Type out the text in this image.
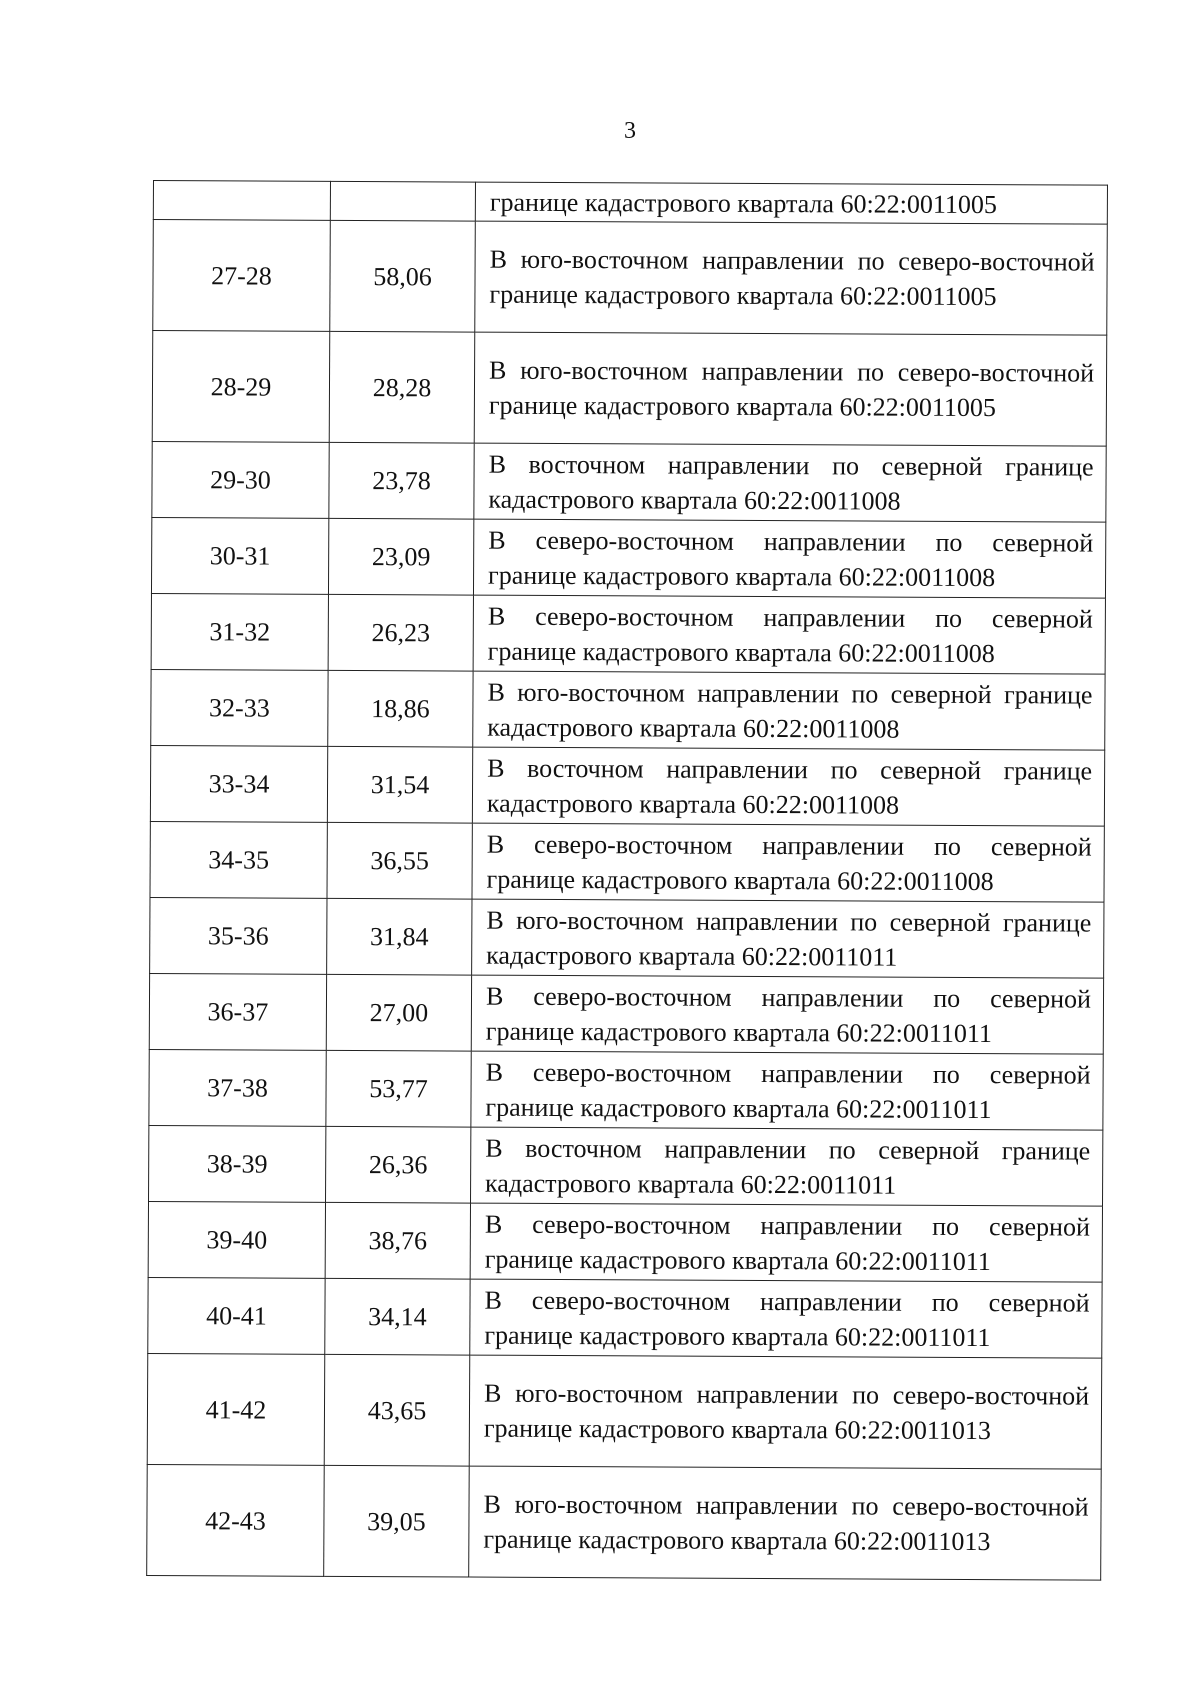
3
		границе кадастрового квартала 60:22:0011005
27-28	58,06	В юго-восточном направлении по северо-восточной границе кадастрового квартала 60:22:0011005
28-29	28,28	В юго-восточном направлении по северо-восточной границе кадастрового квартала 60:22:0011005
29-30	23,78	В восточном направлении по северной границе кадастрового квартала 60:22:0011008
30-31	23,09	В северо-восточном направлении по северной границе кадастрового квартала 60:22:0011008
31-32	26,23	В северо-восточном направлении по северной границе кадастрового квартала 60:22:0011008
32-33	18,86	В юго-восточном направлении по северной границе кадастрового квартала 60:22:0011008
33-34	31,54	В восточном направлении по северной границе кадастрового квартала 60:22:0011008
34-35	36,55	В северо-восточном направлении по северной границе кадастрового квартала 60:22:0011008
35-36	31,84	В юго-восточном направлении по северной границе кадастрового квартала 60:22:0011011
36-37	27,00	В северо-восточном направлении по северной границе кадастрового квартала 60:22:0011011
37-38	53,77	В северо-восточном направлении по северной границе кадастрового квартала 60:22:0011011
38-39	26,36	В восточном направлении по северной границе кадастрового квартала 60:22:0011011
39-40	38,76	В северо-восточном направлении по северной границе кадастрового квартала 60:22:0011011
40-41	34,14	В северо-восточном направлении по северной границе кадастрового квартала 60:22:0011011
41-42	43,65	В юго-восточном направлении по северо-восточной границе кадастрового квартала 60:22:0011013
42-43	39,05	В юго-восточном направлении по северо-восточной границе кадастрового квартала 60:22:0011013
